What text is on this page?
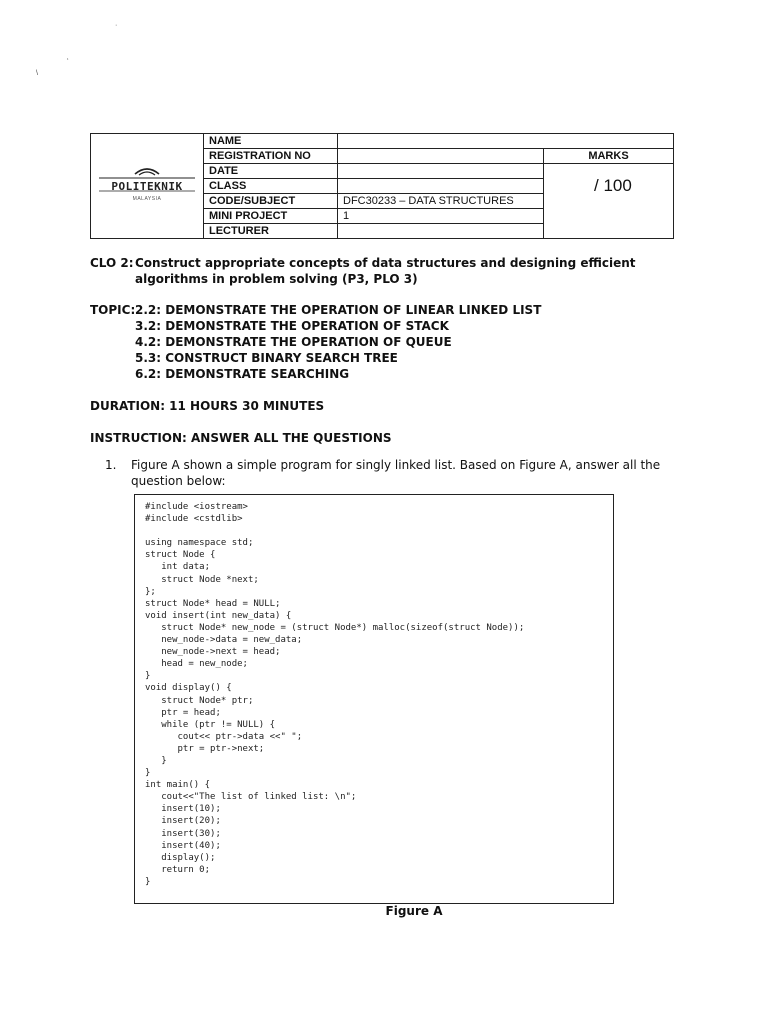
·
‘
\
POLITEKNIK
MALAYSIA
NAME
REGISTRATION NO
DATE
CLASS
CODE/SUBJECT
MINI PROJECT
LECTURER
DFC30233 – DATA STRUCTURES
1
MARKS
/ 100
CLO 2: Construct appropriate concepts of data structures and designing efficient algorithms in problem solving (P3, PLO 3)
TOPIC: 2.2: DEMONSTRATE THE OPERATION OF LINEAR LINKED LIST
3.2: DEMONSTRATE THE OPERATION OF STACK
4.2: DEMONSTRATE THE OPERATION OF QUEUE
5.3: CONSTRUCT BINARY SEARCH TREE
6.2: DEMONSTRATE SEARCHING
DURATION: 11 HOURS 30 MINUTES
INSTRUCTION: ANSWER ALL THE QUESTIONS
1. Figure A shown a simple program for singly linked list. Based on Figure A, answer all the question below:
#include <iostream>
#include <cstdlib>

using namespace std;
struct Node {
int data;
struct Node *next;
};
struct Node* head = NULL;
void insert(int new_data) {
struct Node* new_node = (struct Node*) malloc(sizeof(struct Node));
new_node->data = new_data;
new_node->next = head;
head = new_node;
}
void display() {
struct Node* ptr;
ptr = head;
while (ptr != NULL) {
cout<< ptr->data <<" ";
ptr = ptr->next;
}
}
int main() {
cout<<"The list of linked list: \n";
insert(10);
insert(20);
insert(30);
insert(40);
display();
return 0;
}
Figure A
